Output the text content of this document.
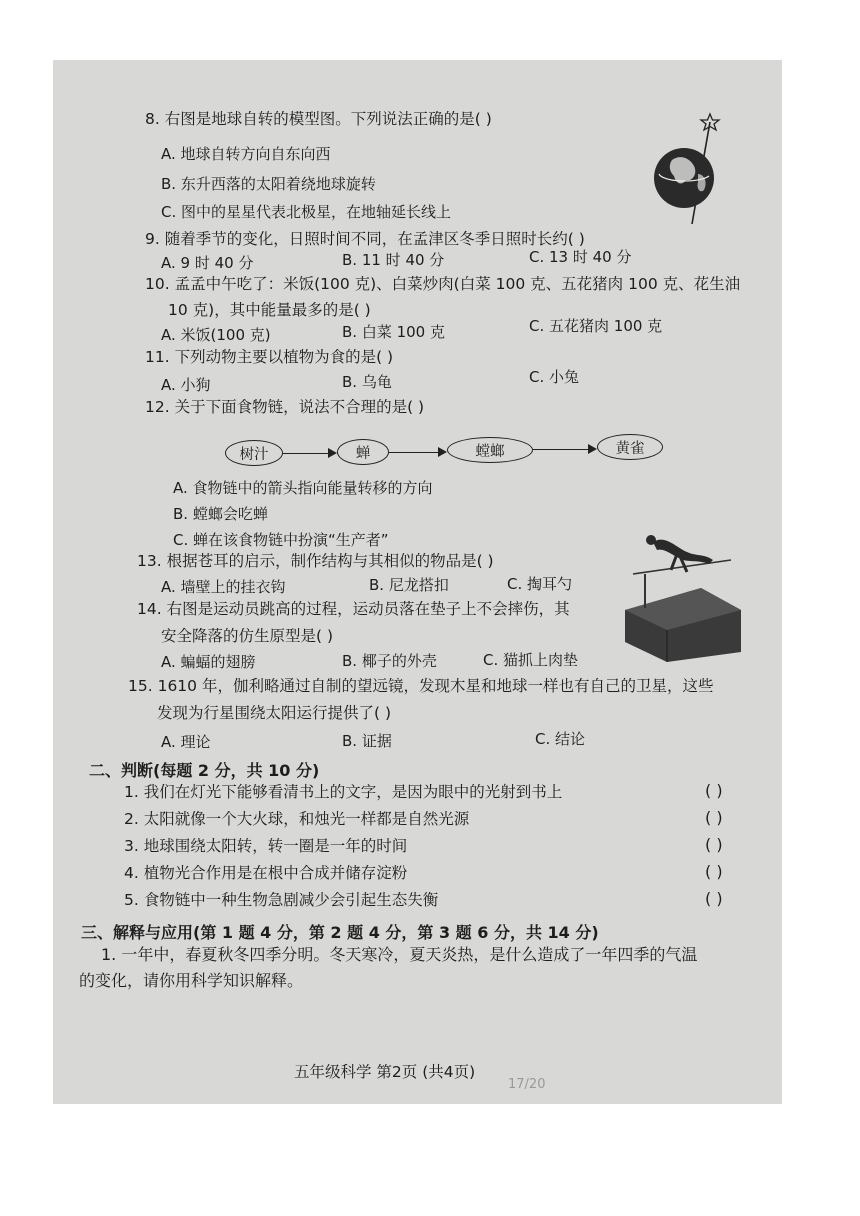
8. 右图是地球自转的模型图。下列说法正确的是( )
A. 地球自转方向自东向西
B. 东升西落的太阳着绕地球旋转
C. 图中的星星代表北极星，在地轴延长线上
9. 随着季节的变化，日照时间不同，在孟津区冬季日照时长约( )
A. 9 时 40 分	B. 11 时 40 分	C. 13 时 40 分
10. 孟孟中午吃了：米饭(100 克)、白菜炒肉(白菜 100 克、五花猪肉 100 克、花生油
10 克)，其中能量最多的是( )
A. 米饭(100 克)	B. 白菜 100 克	C. 五花猪肉 100 克
11. 下列动物主要以植物为食的是( )
A. 小狗	B. 乌龟	C. 小兔
12. 关于下面食物链，说法不合理的是( )
树汁	蝉	螳螂	黄雀
A. 食物链中的箭头指向能量转移的方向
B. 螳螂会吃蝉
C. 蝉在该食物链中扮演“生产者”
13. 根据苍耳的启示，制作结构与其相似的物品是( )
A. 墙壁上的挂衣钩	B. 尼龙搭扣	C. 掏耳勺
14. 右图是运动员跳高的过程，运动员落在垫子上不会摔伤，其
安全降落的仿生原型是( )
A. 蝙蝠的翅膀	B. 椰子的外壳	C. 猫抓上肉垫
15. 1610 年，伽利略通过自制的望远镜，发现木星和地球一样也有自己的卫星，这些
发现为行星围绕太阳运行提供了( )
A. 理论	B. 证据	C. 结论
二、判断(每题 2 分，共 10 分)
1. 我们在灯光下能够看清书上的文字，是因为眼中的光射到书上	( )
2. 太阳就像一个大火球，和烛光一样都是自然光源	( )
3. 地球围绕太阳转，转一圈是一年的时间	( )
4. 植物光合作用是在根中合成并储存淀粉	( )
5. 食物链中一种生物急剧减少会引起生态失衡	( )
三、解释与应用(第 1 题 4 分，第 2 题 4 分，第 3 题 6 分，共 14 分)
1. 一年中，春夏秋冬四季分明。冬天寒冷，夏天炎热，是什么造成了一年四季的气温
的变化，请你用科学知识解释。
五年级科学 第2页 (共4页)
17/20
